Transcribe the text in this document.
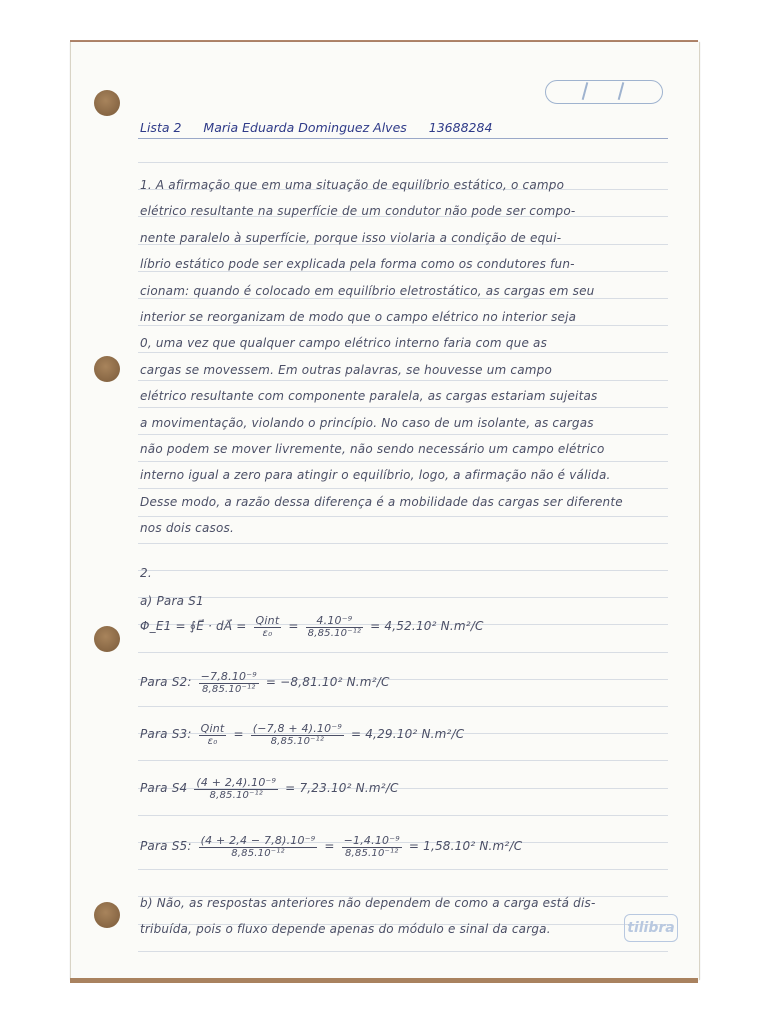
Lista 2 Maria Eduarda Dominguez Alves 13688284
1. A afirmação que em uma situação de equilíbrio estático, o campo
elétrico resultante na superfície de um condutor não pode ser compo-
nente paralelo à superfície, porque isso violaria a condição de equi-
líbrio estático pode ser explicada pela forma como os condutores fun-
cionam: quando é colocado em equilíbrio eletrostático, as cargas em seu
interior se reorganizam de modo que o campo elétrico no interior seja
0, uma vez que qualquer campo elétrico interno faria com que as
cargas se movessem. Em outras palavras, se houvesse um campo
elétrico resultante com componente paralela, as cargas estariam sujeitas
a movimentação, violando o princípio. No caso de um isolante, as cargas
não podem se mover livremente, não sendo necessário um campo elétrico
interno igual a zero para atingir o equilíbrio, logo, a afirmação não é válida.
Desse modo, a razão dessa diferença é a mobilidade das cargas ser diferente
nos dois casos.
2.
a) Para S1
Φ_E1 = ∮E⃗ · dA⃗ = $\frac{\text{Qint}}{\text{ε₀}} = \frac{\text{4.10⁻⁹}}{\text{8,85.10⁻¹²}} = 4,52.10^2$ N.m²/C
Para S2: $\frac{\text{−7,8.10⁻⁹}}{\text{8,85.10⁻¹²}} = -8,81.10^2$ N.m²/C
Para S3: $\frac{\text{Qint}}{\text{ε₀}} = \frac{\text{(−7,8 + 4).10⁻⁹}}{\text{8,85.10⁻¹²}} = 4,29.10^2$ N.m²/C
Para $S4 \frac{\text{(4 + 2,4).10⁻⁹}}{\text{8,85.10⁻¹²}} = 7,23.10^2$ N.m²/C
Para S5: $\frac{\text{(4 + 2,4 − 7,8).10⁻⁹}}{\text{8,85.10⁻¹²}} = \frac{\text{−1,4.10⁻⁹}}{\text{8,85.10⁻¹²}} = 1,58.10^2$ N.m²/C
b) Não, as respostas anteriores não dependem de como a carga está dis-
tribuída, pois o fluxo depende apenas do módulo e sinal da carga.	tilibra
